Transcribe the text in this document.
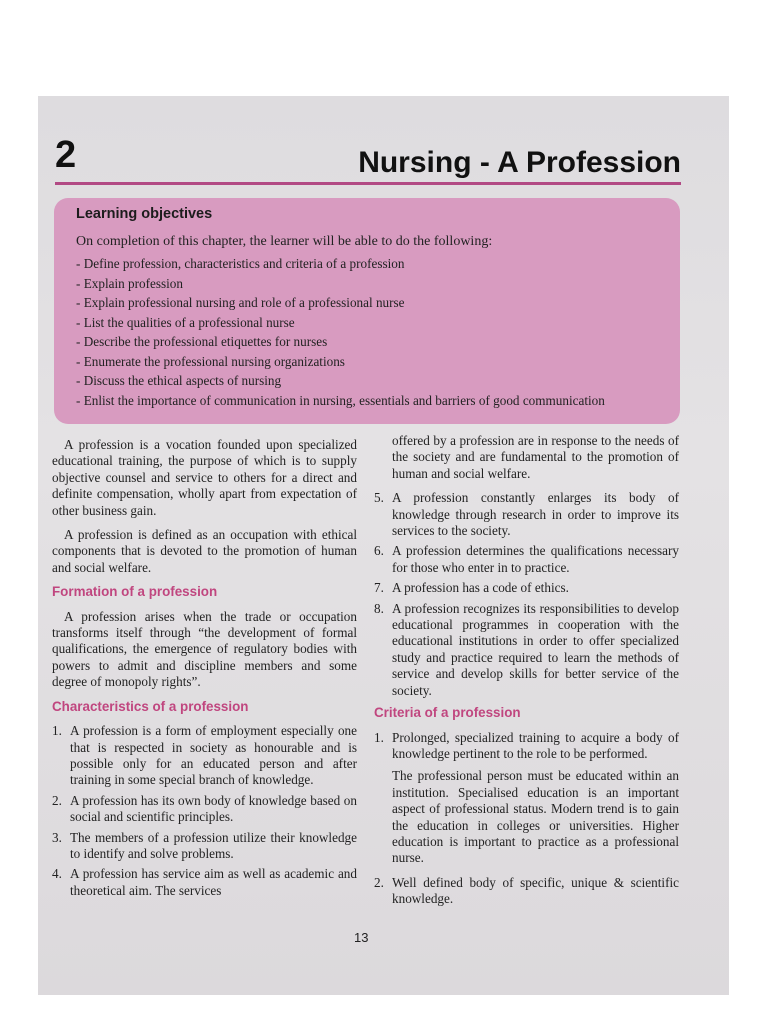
2	Nursing - A Profession
Learning objectives
On completion of this chapter, the learner will be able to do the following:
- Define profession, characteristics and criteria of a profession
- Explain profession
- Explain professional nursing and role of a professional nurse
- List the qualities of a professional nurse
- Describe the professional etiquettes for nurses
- Enumerate the professional nursing organizations
- Discuss the ethical aspects of nursing
- Enlist the importance of communication in nursing, essentials and barriers of good communication

A profession is a vocation founded upon specialized educational training, the purpose of which is to supply objective counsel and service to others for a direct and definite compensation, wholly apart from expectation of other business gain.

A profession is defined as an occupation with ethical components that is devoted to the promotion of human and social welfare.

Formation of a profession

A profession arises when the trade or occupation transforms itself through “the development of formal qualifications, the emergence of regulatory bodies with powers to admit and discipline members and some degree of monopoly rights”.

Characteristics of a profession
1. A profession is a form of employment especially one that is respected in society as honourable and is possible only for an educated person and after training in some special branch of knowledge.
2. A profession has its own body of knowledge based on social and scientific principles.
3. The members of a profession utilize their knowledge to identify and solve problems.
4. A profession has service aim as well as academic and theoretical aim. The services

offered by a profession are in response to the needs of the society and are fundamental to the promotion of human and social welfare.

5. A profession constantly enlarges its body of knowledge through research in order to improve its services to the society.
6. A profession determines the qualifications necessary for those who enter in to practice.
7. A profession has a code of ethics.
8. A profession recognizes its responsibilities to develop educational programmes in cooperation with the educational institutions in order to offer specialized study and practice required to learn the methods of service and develop skills for better service of the society.
Criteria of a profession
1. Prolonged, specialized training to acquire a body of knowledge pertinent to the role to be performed.

The professional person must be educated within an institution. Specialised education is an important aspect of professional status. Modern trend is to gain the education in colleges or universities. Higher education is important to practice as a professional nurse.

2. Well defined body of specific, unique & scientific knowledge.
13
